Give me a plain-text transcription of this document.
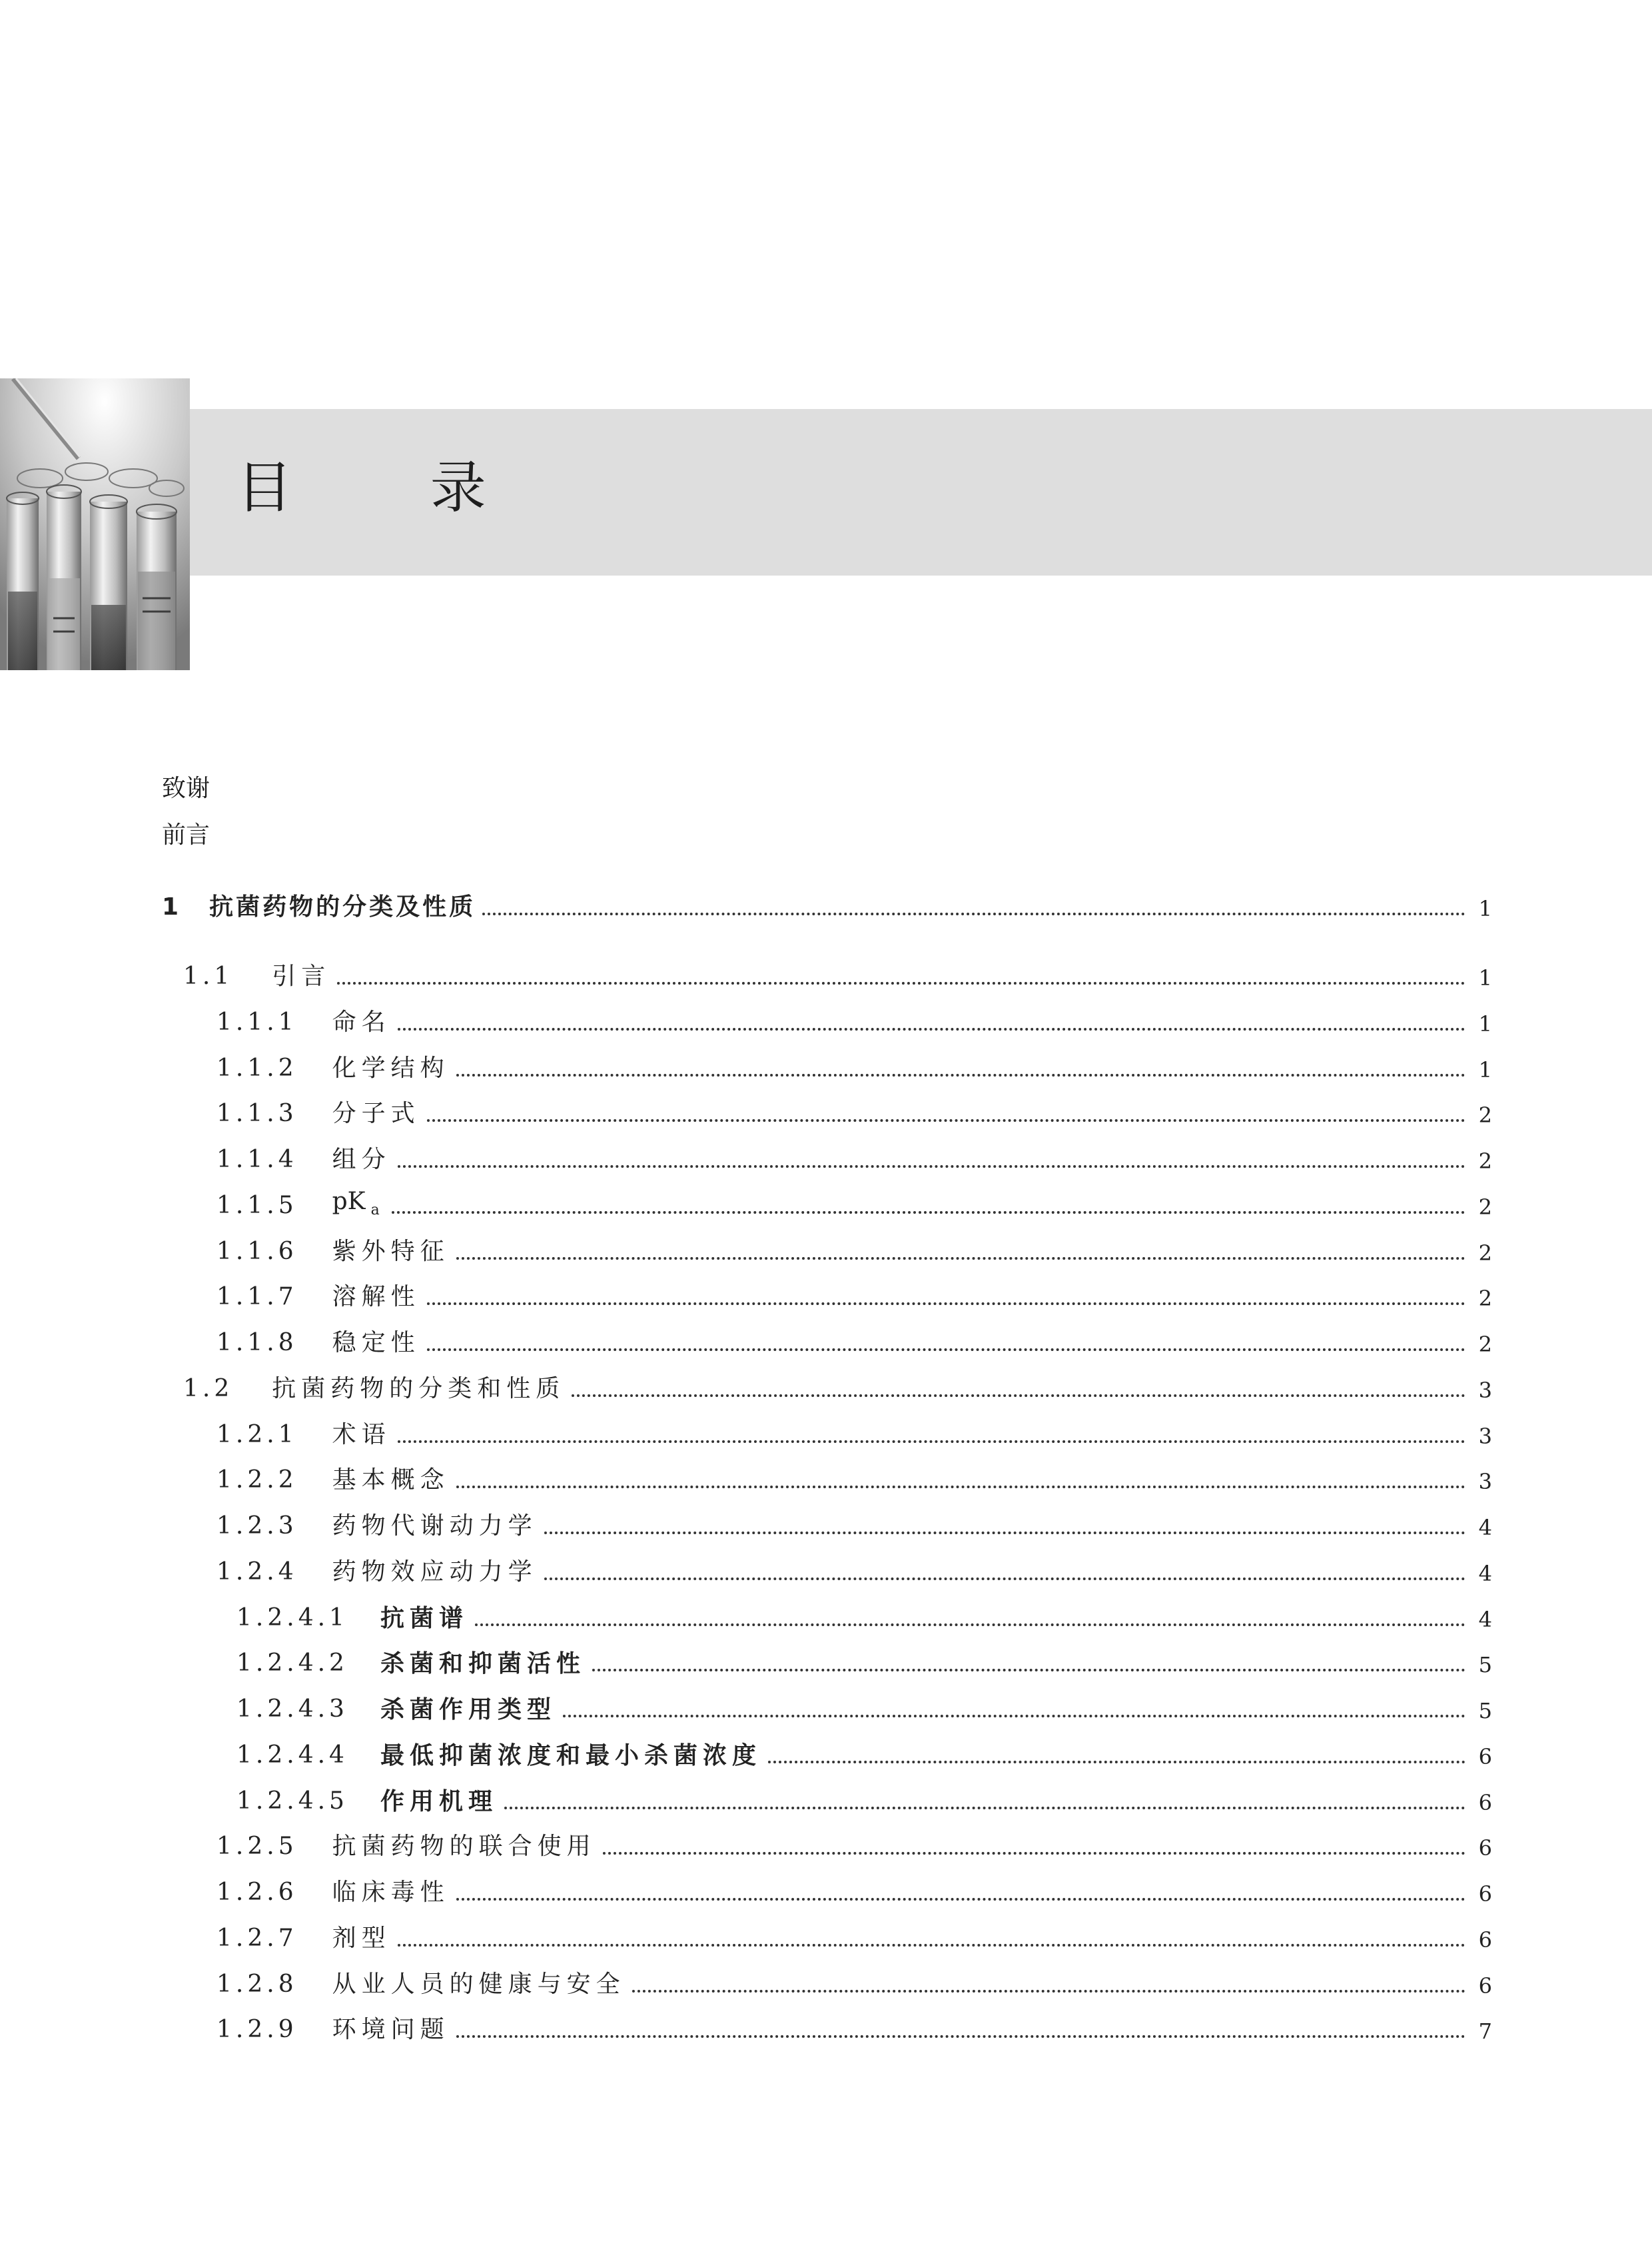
目 录
致谢
前言
1 抗菌药物的分类及性质	1
1.1 引言	1
1.1.1 命名	1
1.1.2 化学结构	1
1.1.3 分子式	2
1.1.4 组分	2
1.1.5 pK $_a$	2
1.1.6 紫外特征	2
1.1.7 溶解性	2
1.1.8 稳定性	2
1.2 抗菌药物的分类和性质	3
1.2.1 术语	3
1.2.2 基本概念	3
1.2.3 药物代谢动力学	4
1.2.4 药物效应动力学	4
1.2.4.1 抗菌谱	4
1.2.4.2 杀菌和抑菌活性	5
1.2.4.3 杀菌作用类型	5
1.2.4.4 最低抑菌浓度和最小杀菌浓度	6
1.2.4.5 作用机理	6
1.2.5 抗菌药物的联合使用	6
1.2.6 临床毒性	6
1.2.7 剂型	6
1.2.8 从业人员的健康与安全	6
1.2.9 环境问题	7
